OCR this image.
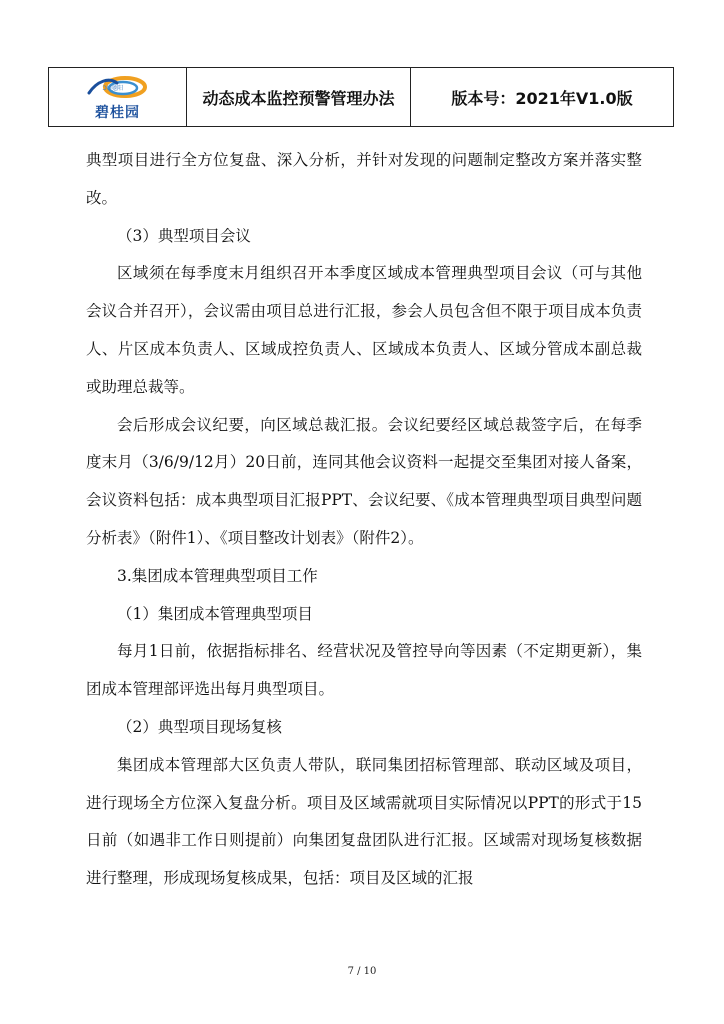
ƆU驰阳
碧桂园
动态成本监控预警管理办法	版本号：2021年V1.0版

典型项目进行全方位复盘、深入分析，并针对发现的问题制定整改方案并落实整改。

（3）典型项目会议

区域须在每季度末月组织召开本季度区域成本管理典型项目会议（可与其他会议合并召开），会议需由项目总进行汇报，参会人员包含但不限于项目成本负责人、片区成本负责人、区域成控负责人、区域成本负责人、区域分管成本副总裁或助理总裁等。

会后形成会议纪要，向区域总裁汇报。会议纪要经区域总裁签字后，在每季度末月（3/6/9/12月）20日前，连同其他会议资料一起提交至集团对接人备案，会议资料包括：成本典型项目汇报PPT、会议纪要、《成本管理典型项目典型问题分析表》（附件1）、《项目整改计划表》（附件2）。

3.集团成本管理典型项目工作

（1）集团成本管理典型项目

每月1日前，依据指标排名、经营状况及管控导向等因素（不定期更新），集团成本管理部评选出每月典型项目。

（2）典型项目现场复核

集团成本管理部大区负责人带队，联同集团招标管理部、联动区域及项目，进行现场全方位深入复盘分析。项目及区域需就项目实际情况以PPT的形式于15日前（如遇非工作日则提前）向集团复盘团队进行汇报。区域需对现场复核数据进行整理，形成现场复核成果，包括：项目及区域的汇报

7 / 10
